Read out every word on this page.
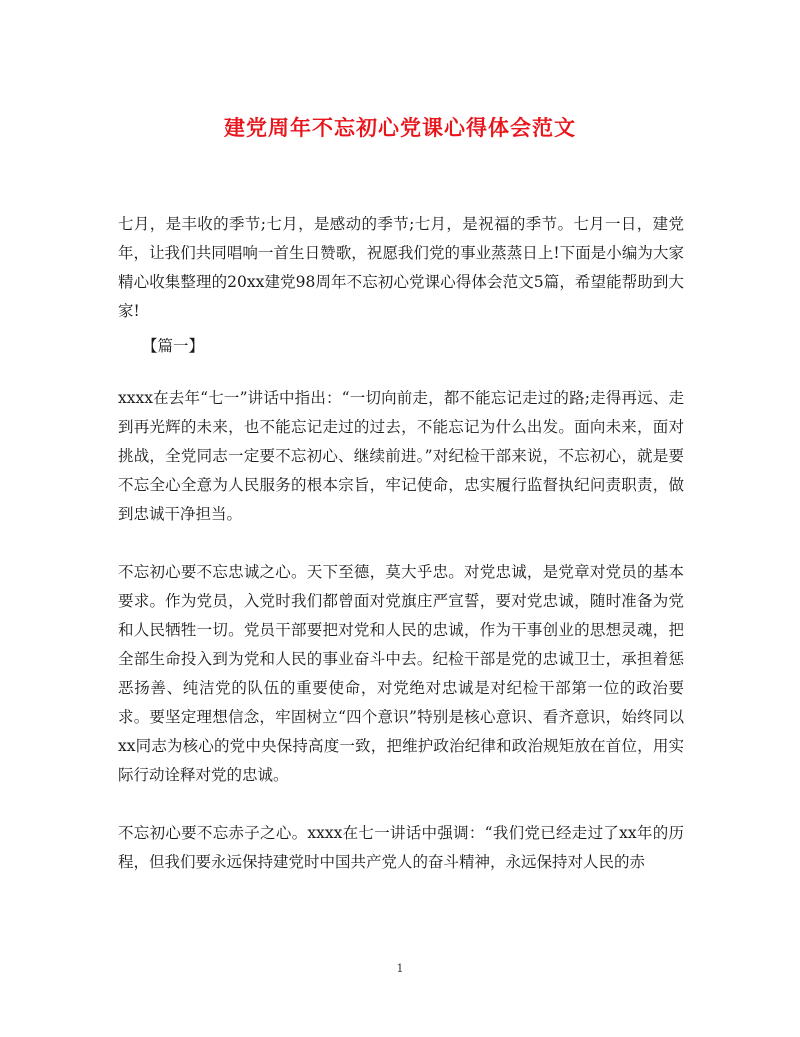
建党周年不忘初心党课心得体会范文

七月，是丰收的季节;七月，是感动的季节;七月，是祝福的季节。七月一日，建党年，让我们共同唱响一首生日赞歌，祝愿我们党的事业蒸蒸日上!下面是小编为大家精心收集整理的20xx建党98周年不忘初心党课心得体会范文5篇，希望能帮助到大家!

【篇一】

xxxx在去年“七一”讲话中指出：“一切向前走，都不能忘记走过的路;走得再远、走到再光辉的未来，也不能忘记走过的过去，不能忘记为什么出发。面向未来，面对挑战，全党同志一定要不忘初心、继续前进。”对纪检干部来说，不忘初心，就是要不忘全心全意为人民服务的根本宗旨，牢记使命，忠实履行监督执纪问责职责，做到忠诚干净担当。

不忘初心要不忘忠诚之心。天下至德，莫大乎忠。对党忠诚，是党章对党员的基本要求。作为党员，入党时我们都曾面对党旗庄严宣誓，要对党忠诚，随时准备为党和人民牺牲一切。党员干部要把对党和人民的忠诚，作为干事创业的思想灵魂，把全部生命投入到为党和人民的事业奋斗中去。纪检干部是党的忠诚卫士，承担着惩恶扬善、纯洁党的队伍的重要使命，对党绝对忠诚是对纪检干部第一位的政治要求。要坚定理想信念，牢固树立“四个意识”特别是核心意识、看齐意识，始终同以xx同志为核心的党中央保持高度一致，把维护政治纪律和政治规矩放在首位，用实际行动诠释对党的忠诚。

不忘初心要不忘赤子之心。xxxx在七一讲话中强调：“我们党已经走过了xx年的历程，但我们要永远保持建党时中国共产党人的奋斗精神，永远保持对人民的赤

1
